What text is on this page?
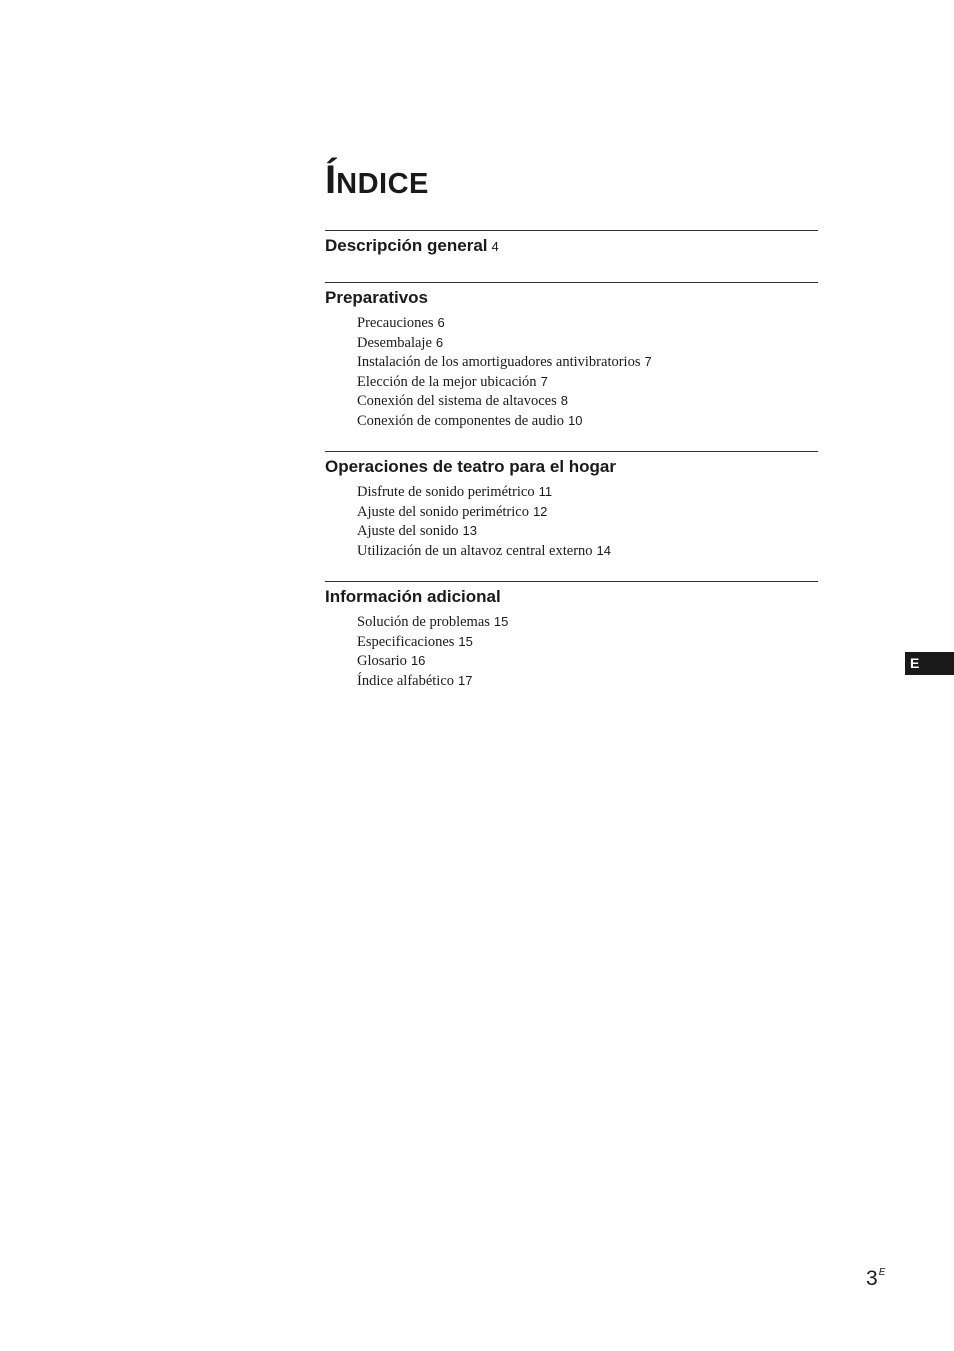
ÍNDICE
Descripción general 4
Preparativos
Precauciones 6
Desembalaje 6
Instalación de los amortiguadores antivibratorios 7
Elección de la mejor ubicación 7
Conexión del sistema de altavoces 8
Conexión de componentes de audio 10
Operaciones de teatro para el hogar
Disfrute de sonido perimétrico 11
Ajuste del sonido perimétrico 12
Ajuste del sonido 13
Utilización de un altavoz central externo 14
Información adicional
Solución de problemas 15
Especificaciones 15
Glosario 16
Índice alfabético 17
E
$3^E$
